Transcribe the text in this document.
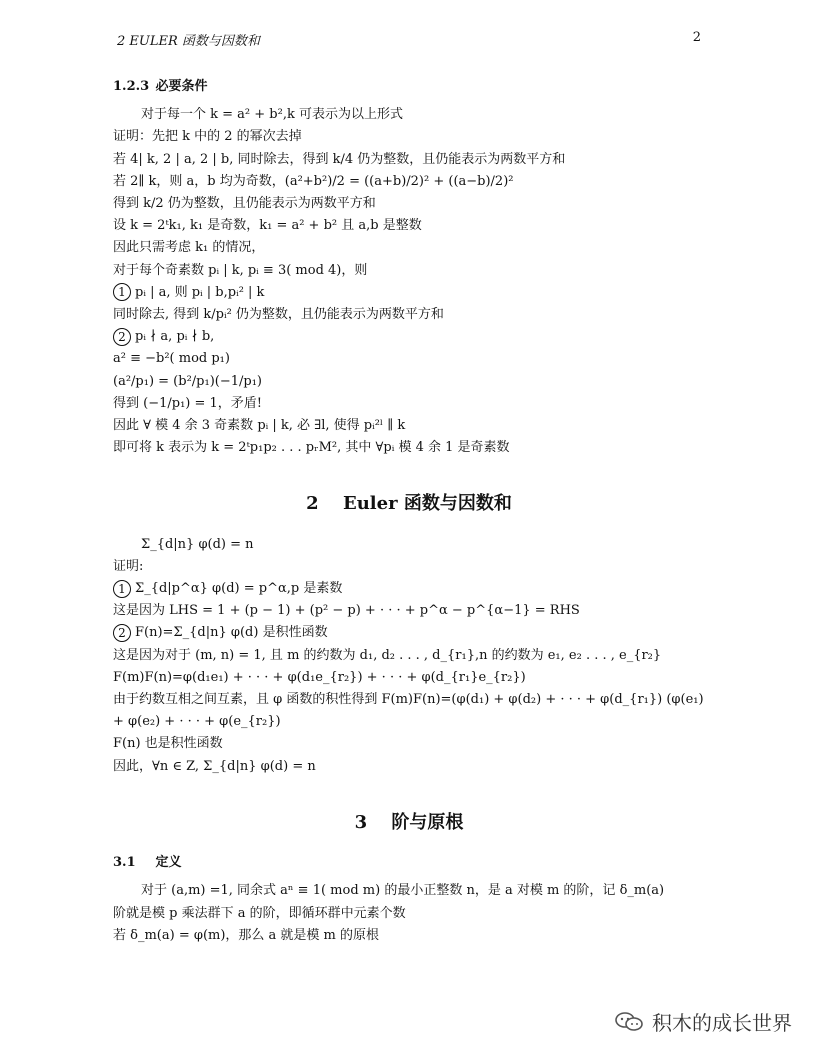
2 EULER 函数与因数和	2
1.2.3 必要条件
对于每一个 k = a² + b²,k 可表示为以上形式
证明：先把 k 中的 2 的幂次去掉
若 4| k, 2 | a, 2 | b, 同时除去，得到 k/4 仍为整数，且仍能表示为两数平方和
若 2∥ k，则 a，b 均为奇数，(a²+b²)/2 = ((a+b)/2)² + ((a−b)/2)²
得到 k/2 仍为整数，且仍能表示为两数平方和
设 k = 2ᵗk₁, k₁ 是奇数，k₁ = a² + b² 且 a,b 是整数
因此只需考虑 k₁ 的情况，
对于每个奇素数 pᵢ | k, pᵢ ≡ 3( mod 4)，则
1 pᵢ | a, 则 pᵢ | b,pᵢ² | k
同时除去, 得到 k/pᵢ² 仍为整数，且仍能表示为两数平方和
2 pᵢ ∤ a, pᵢ ∤ b,
a² ≡ −b²( mod p₁)
(a²/p₁) = (b²/p₁)(−1/p₁)
得到 (−1/p₁) = 1，矛盾!
因此 ∀ 模 4 余 3 奇素数 pᵢ | k, 必 ∃l, 使得 pᵢ²ˡ ∥ k
即可将 k 表示为 k = 2ᵗp₁p₂ . . . pᵣM², 其中 ∀pᵢ 模 4 余 1 是奇素数
2 Euler 函数与因数和
Σ_{d|n} φ(d) = n
证明:
1 Σ_{d|p^α} φ(d) = p^α,p 是素数
这是因为 LHS = 1 + (p − 1) + (p² − p) + · · · + p^α − p^{α−1} = RHS
2 F(n)=Σ_{d|n} φ(d) 是积性函数
这是因为对于 (m, n) = 1, 且 m 的约数为 d₁, d₂ . . . , d_{r₁},n 的约数为 e₁, e₂ . . . , e_{r₂}
F(m)F(n)=φ(d₁e₁) + · · · + φ(d₁e_{r₂}) + · · · + φ(d_{r₁}e_{r₂})
由于约数互相之间互素，且 φ 函数的积性得到 F(m)F(n)=(φ(d₁) + φ(d₂) + · · · + φ(d_{r₁}) (φ(e₁) + φ(e₂) + · · · + φ(e_{r₂})
F(n) 也是积性函数
因此，∀n ∈ Z, Σ_{d|n} φ(d) = n
3 阶与原根
3.1 定义
对于 (a,m) =1, 同余式 aⁿ ≡ 1( mod m) 的最小正整数 n，是 a 对模 m 的阶，记 δ_m(a)
阶就是模 p 乘法群下 a 的阶，即循环群中元素个数
若 δ_m(a) = φ(m)，那么 a 就是模 m 的原根
积木的成长世界
